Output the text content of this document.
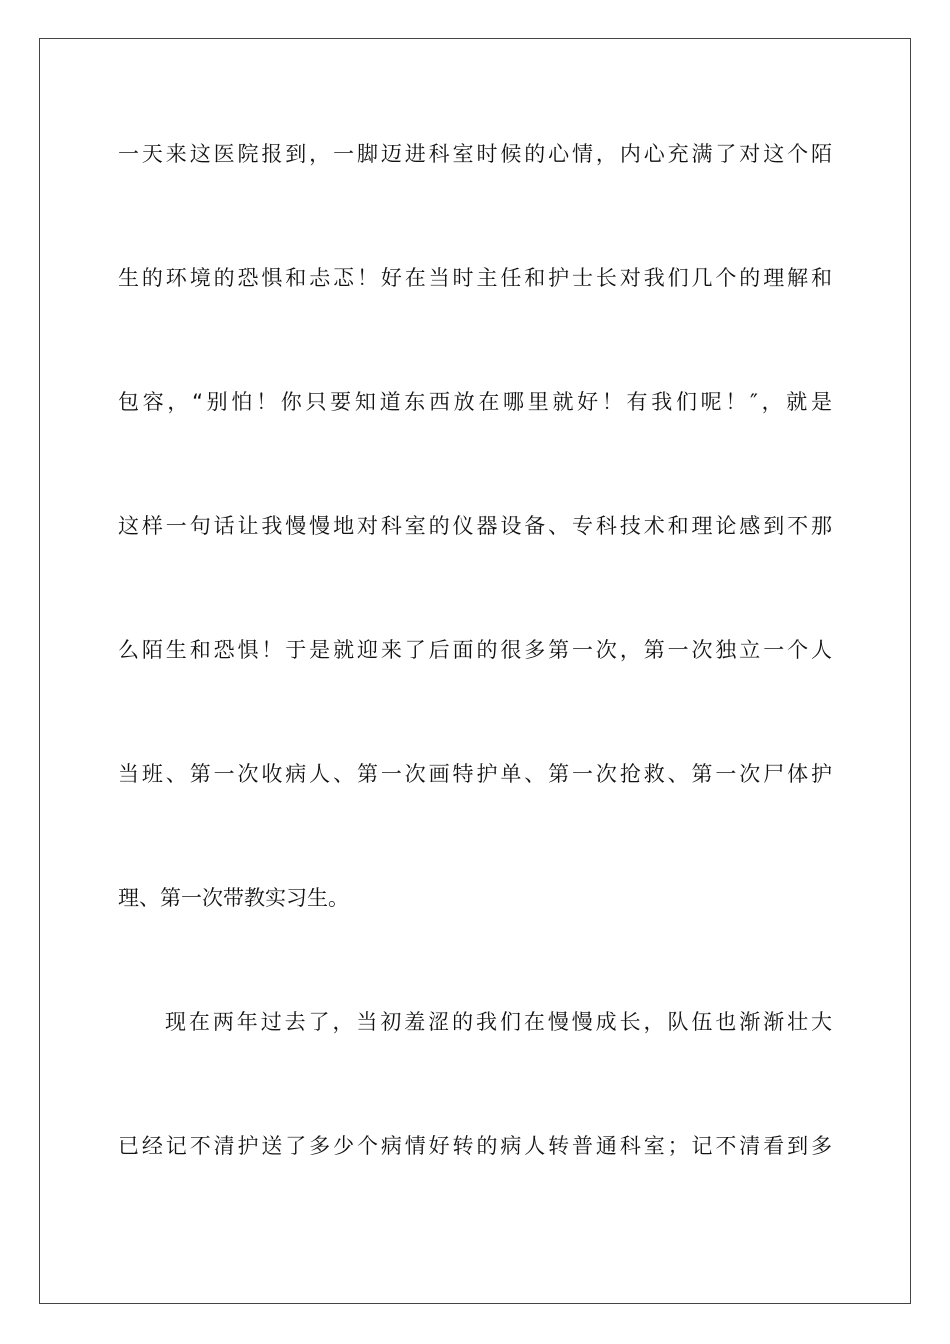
一天来这医院报到，一脚迈进科室时候的心情，内心充满了对这个陌
生的环境的恐惧和忐忑！好在当时主任和护士长对我们几个的理解和
包容，“别怕！你只要知道东西放在哪里就好！有我们呢！″，就是
这样一句话让我慢慢地对科室的仪器设备、专科技术和理论感到不那
么陌生和恐惧！于是就迎来了后面的很多第一次，第一次独立一个人
当班、第一次收病人、第一次画特护单、第一次抢救、第一次尸体护
理、第一次带教实习生。
现在两年过去了，当初羞涩的我们在慢慢成长，队伍也渐渐壮大
已经记不清护送了多少个病情好转的病人转普通科室；记不清看到多
